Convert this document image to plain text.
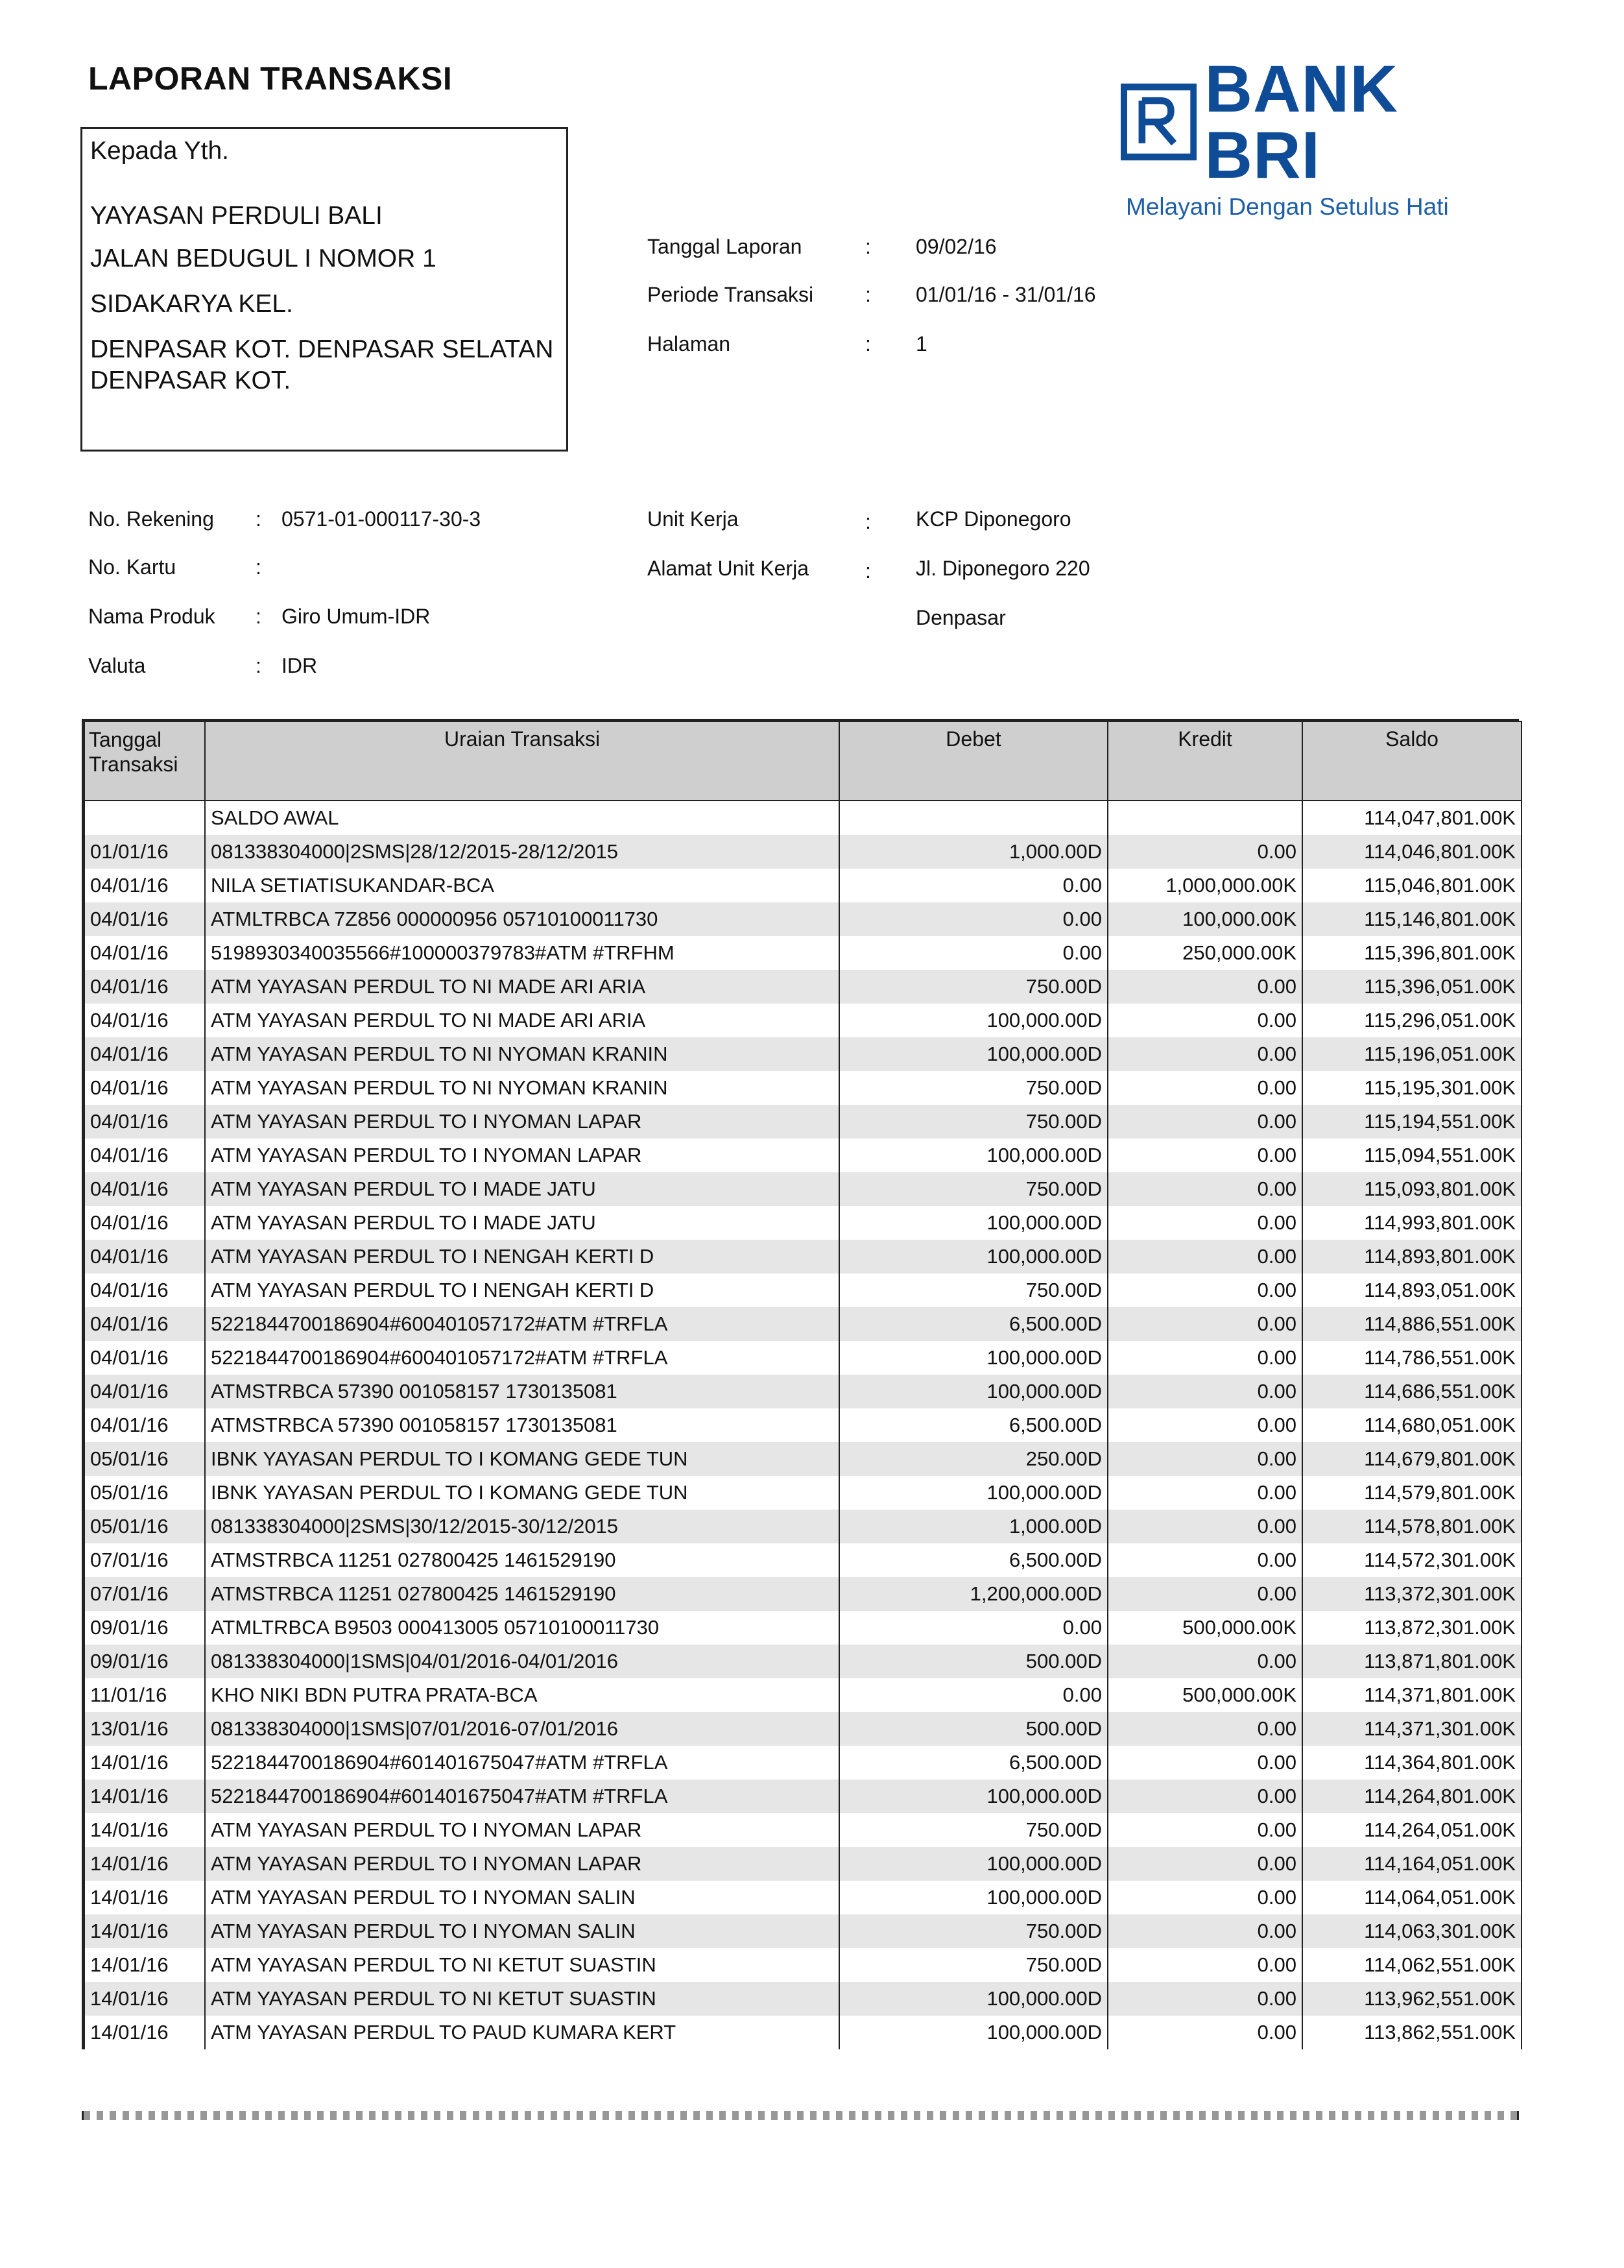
LAPORAN TRANSAKSI	BANK BRI
Melayani Dengan Setulus Hati
Kepada Yth.
YAYASAN PERDULI BALI
JALAN BEDUGUL I NOMOR 1
SIDAKARYA KEL.
DENPASAR KOT. DENPASAR SELATAN
DENPASAR KOT.
Tanggal Laporan	: 09/02/16
Periode Transaksi : 01/01/16 - 31/01/16
Halaman	: 1
No. Rekening : 0571-01-000117-30-3
No. Kartu	:
Nama Produk : Giro Umum-IDR
Valuta	: IDR
Unit Kerja	: KCP Diponegoro
Alamat Unit Kerja	: Jl. Diponegoro 220
Denpasar
Tanggal Transaksi	Uraian Transaksi	Debet	Kredit	Saldo
	SALDO AWAL			114,047,801.00K
01/01/16	081338304000|2SMS|28/12/2015-28/12/2015	1,000.00D	0.00	114,046,801.00K
04/01/16	NILA SETIATISUKANDAR-BCA	0.00	1,000,000.00K	115,046,801.00K
04/01/16	ATMLTRBCA 7Z856 000000956 05710100011730	0.00	100,000.00K	115,146,801.00K
04/01/16	5198930340035566#100000379783#ATM #TRFHM	0.00	250,000.00K	115,396,801.00K
04/01/16	ATM YAYASAN PERDUL TO NI MADE ARI ARIA	750.00D	0.00	115,396,051.00K
04/01/16	ATM YAYASAN PERDUL TO NI MADE ARI ARIA	100,000.00D	0.00	115,296,051.00K
04/01/16	ATM YAYASAN PERDUL TO NI NYOMAN KRANIN	100,000.00D	0.00	115,196,051.00K
04/01/16	ATM YAYASAN PERDUL TO NI NYOMAN KRANIN	750.00D	0.00	115,195,301.00K
04/01/16	ATM YAYASAN PERDUL TO I NYOMAN LAPAR	750.00D	0.00	115,194,551.00K
04/01/16	ATM YAYASAN PERDUL TO I NYOMAN LAPAR	100,000.00D	0.00	115,094,551.00K
04/01/16	ATM YAYASAN PERDUL TO I MADE JATU	750.00D	0.00	115,093,801.00K
04/01/16	ATM YAYASAN PERDUL TO I MADE JATU	100,000.00D	0.00	114,993,801.00K
04/01/16	ATM YAYASAN PERDUL TO I NENGAH KERTI D	100,000.00D	0.00	114,893,801.00K
04/01/16	ATM YAYASAN PERDUL TO I NENGAH KERTI D	750.00D	0.00	114,893,051.00K
04/01/16	5221844700186904#600401057172#ATM #TRFLA	6,500.00D	0.00	114,886,551.00K
04/01/16	5221844700186904#600401057172#ATM #TRFLA	100,000.00D	0.00	114,786,551.00K
04/01/16	ATMSTRBCA 57390 001058157 1730135081	100,000.00D	0.00	114,686,551.00K
04/01/16	ATMSTRBCA 57390 001058157 1730135081	6,500.00D	0.00	114,680,051.00K
05/01/16	IBNK YAYASAN PERDUL TO I KOMANG GEDE TUN	250.00D	0.00	114,679,801.00K
05/01/16	IBNK YAYASAN PERDUL TO I KOMANG GEDE TUN	100,000.00D	0.00	114,579,801.00K
05/01/16	081338304000|2SMS|30/12/2015-30/12/2015	1,000.00D	0.00	114,578,801.00K
07/01/16	ATMSTRBCA 11251 027800425 1461529190	6,500.00D	0.00	114,572,301.00K
07/01/16	ATMSTRBCA 11251 027800425 1461529190	1,200,000.00D	0.00	113,372,301.00K
09/01/16	ATMLTRBCA B9503 000413005 05710100011730	0.00	500,000.00K	113,872,301.00K
09/01/16	081338304000|1SMS|04/01/2016-04/01/2016	500.00D	0.00	113,871,801.00K
11/01/16	KHO NIKI BDN PUTRA PRATA-BCA	0.00	500,000.00K	114,371,801.00K
13/01/16	081338304000|1SMS|07/01/2016-07/01/2016	500.00D	0.00	114,371,301.00K
14/01/16	5221844700186904#601401675047#ATM #TRFLA	6,500.00D	0.00	114,364,801.00K
14/01/16	5221844700186904#601401675047#ATM #TRFLA	100,000.00D	0.00	114,264,801.00K
14/01/16	ATM YAYASAN PERDUL TO I NYOMAN LAPAR	750.00D	0.00	114,264,051.00K
14/01/16	ATM YAYASAN PERDUL TO I NYOMAN LAPAR	100,000.00D	0.00	114,164,051.00K
14/01/16	ATM YAYASAN PERDUL TO I NYOMAN SALIN	100,000.00D	0.00	114,064,051.00K
14/01/16	ATM YAYASAN PERDUL TO I NYOMAN SALIN	750.00D	0.00	114,063,301.00K
14/01/16	ATM YAYASAN PERDUL TO NI KETUT SUASTIN	750.00D	0.00	114,062,551.00K
14/01/16	ATM YAYASAN PERDUL TO NI KETUT SUASTIN	100,000.00D	0.00	113,962,551.00K
14/01/16	ATM YAYASAN PERDUL TO PAUD KUMARA KERT	100,000.00D	0.00	113,862,551.00K
